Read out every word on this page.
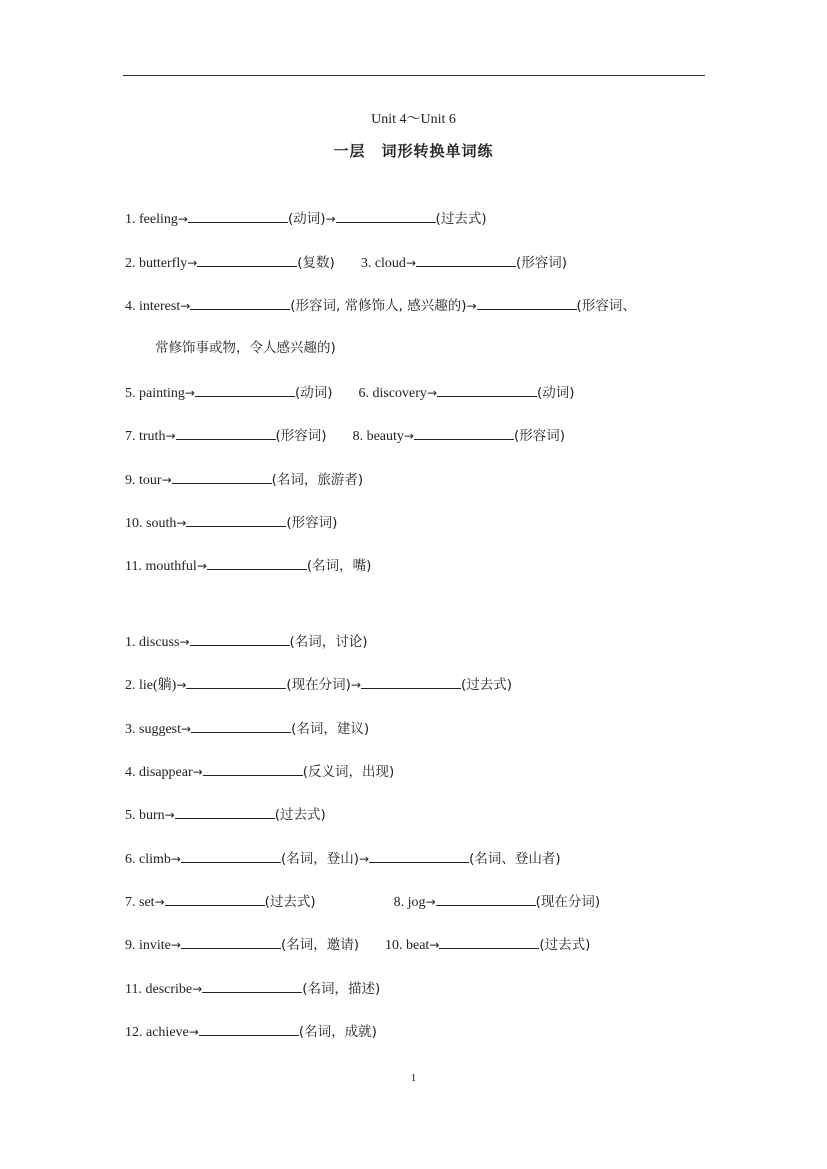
Unit 4～Unit 6
一层　词形转换单词练
1. feeling→	(动词)→	(过去式)
2. butterfly→	(复数) 3. cloud→	(形容词)
4. interest→	(形容词, 常修饰人, 感兴趣的)→	(形容词、
常修饰事或物，令人感兴趣的)
5. painting→	(动词) 6. discovery→	(动词)
7. truth→	(形容词) 8. beauty→	(形容词)
9. tour→	(名词，旅游者)
10. south→	(形容词)
11. mouthful→	(名词，嘴)
1. discuss→	(名词，讨论)
2. lie(躺)→	(现在分词)→	(过去式)
3. suggest→	(名词，建议)
4. disappear→	(反义词，出现)
5. burn→	(过去式)
6. climb→	(名词，登山)→	(名词、登山者)
7. set→	(过去式)	8. jog→	(现在分词)
9. invite→	(名词，邀请) 10. beat→	(过去式)
11. describe→	(名词，描述)
12. achieve→	(名词，成就)
1
